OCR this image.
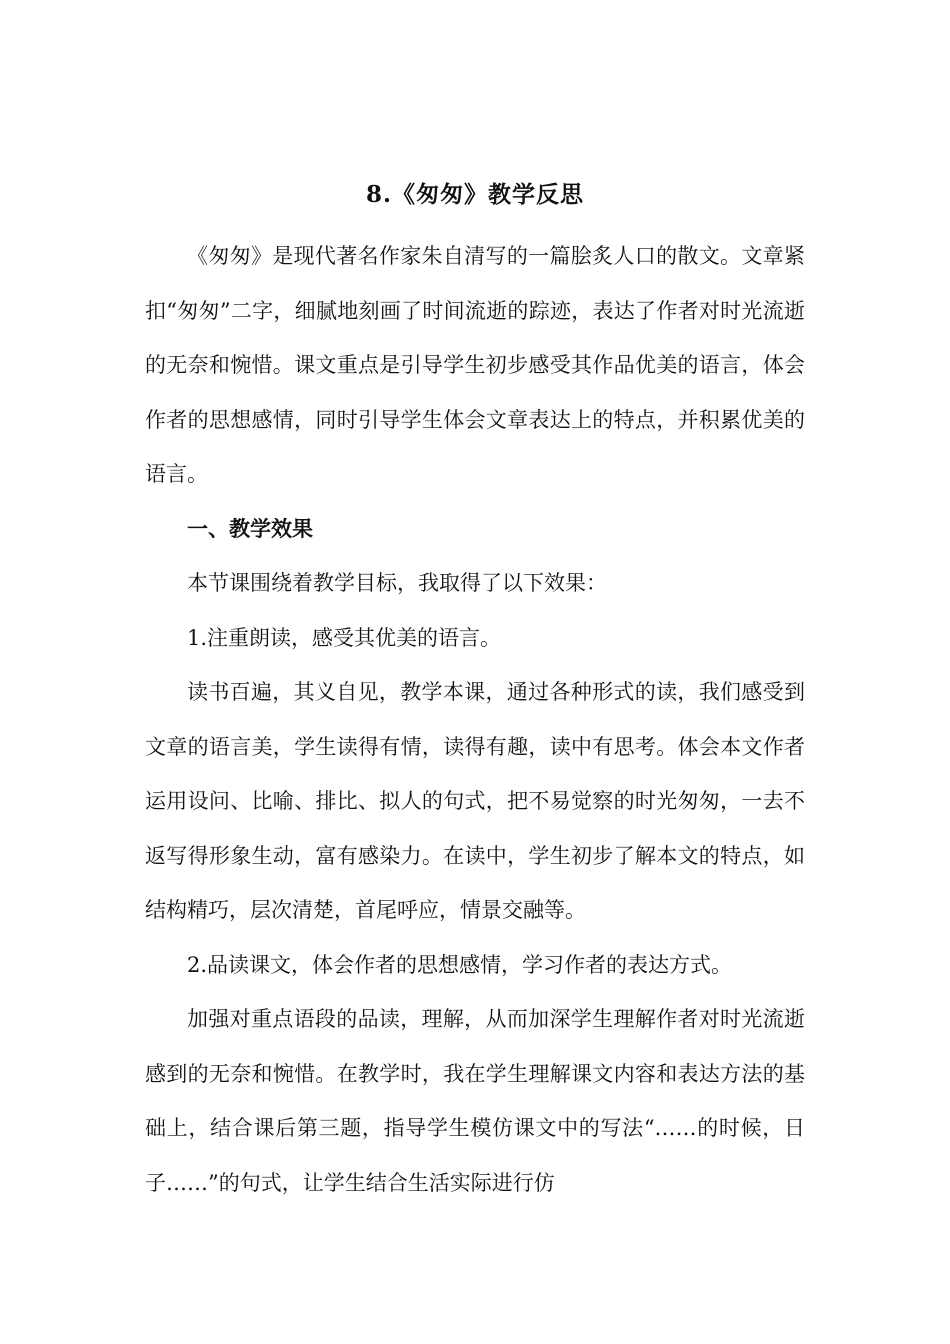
8.《匆匆》教学反思

《匆匆》是现代著名作家朱自清写的一篇脍炙人口的散文。文章紧扣“匆匆”二字，细腻地刻画了时间流逝的踪迹，表达了作者对时光流逝的无奈和惋惜。课文重点是引导学生初步感受其作品优美的语言，体会作者的思想感情，同时引导学生体会文章表达上的特点，并积累优美的语言。

一、教学效果

本节课围绕着教学目标，我取得了以下效果：

1.注重朗读，感受其优美的语言。

读书百遍，其义自见，教学本课，通过各种形式的读，我们感受到文章的语言美，学生读得有情，读得有趣，读中有思考。体会本文作者运用设问、比喻、排比、拟人的句式，把不易觉察的时光匆匆，一去不返写得形象生动，富有感染力。在读中，学生初步了解本文的特点，如结构精巧，层次清楚，首尾呼应，情景交融等。

2.品读课文，体会作者的思想感情，学习作者的表达方式。

加强对重点语段的品读，理解，从而加深学生理解作者对时光流逝感到的无奈和惋惜。在教学时，我在学生理解课文内容和表达方法的基础上，结合课后第三题，指导学生模仿课文中的写法“……的时候，日子……”的句式，让学生结合生活实际进行仿
